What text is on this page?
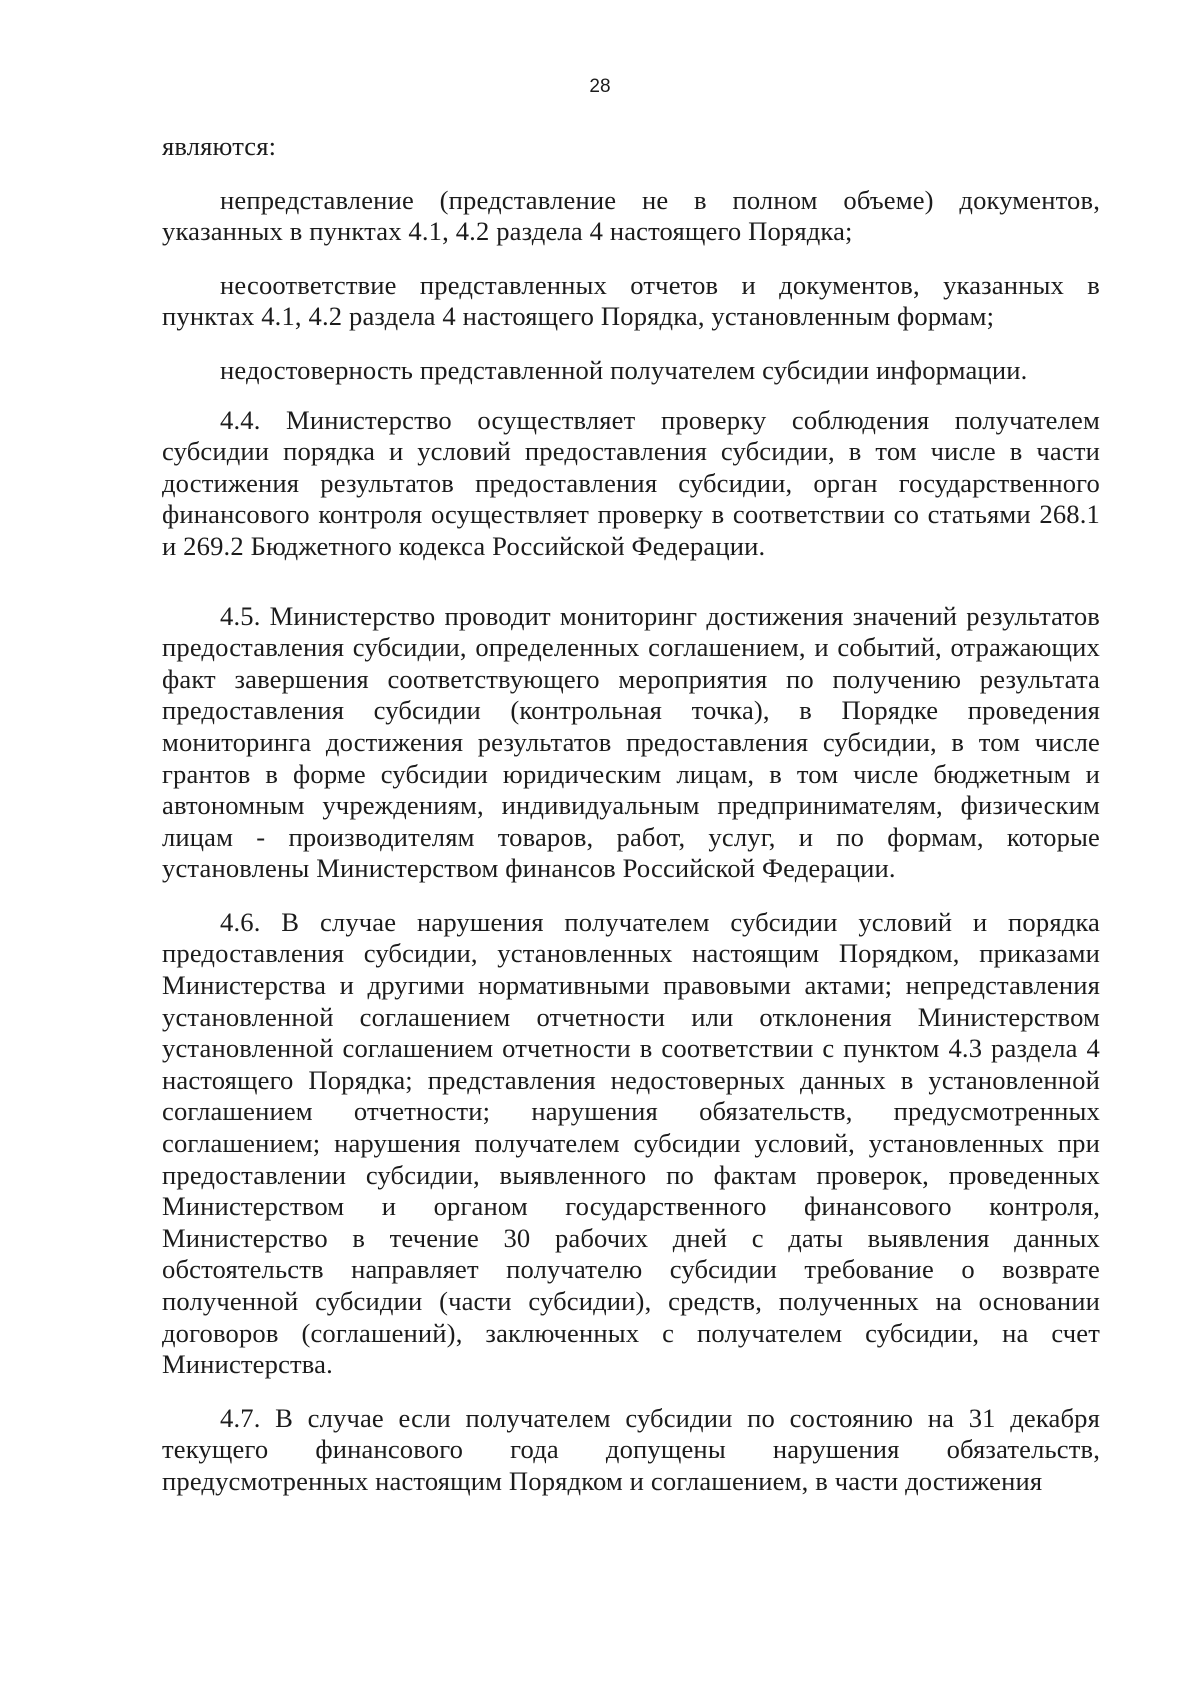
28

являются:

непредставление (представление не в полном объеме) документов, указанных в пунктах 4.1, 4.2 раздела 4 настоящего Порядка;

несоответствие представленных отчетов и документов, указанных в пунктах 4.1, 4.2 раздела 4 настоящего Порядка, установленным формам;

недостоверность представленной получателем субсидии информации.

4.4. Министерство осуществляет проверку соблюдения получателем субсидии порядка и условий предоставления субсидии, в том числе в части достижения результатов предоставления субсидии, орган государственного финансового контроля осуществляет проверку в соответствии со статьями 268.1 и 269.2 Бюджетного кодекса Российской Федерации.

4.5. Министерство проводит мониторинг достижения значений результатов предоставления субсидии, определенных соглашением, и событий, отражающих факт завершения соответствующего мероприятия по получению результата предоставления субсидии (контрольная точка), в Порядке проведения мониторинга достижения результатов предоставления субсидии, в том числе грантов в форме субсидии юридическим лицам, в том числе бюджетным и автономным учреждениям, индивидуальным предпринимателям, физическим лицам - производителям товаров, работ, услуг, и по формам, которые установлены Министерством финансов Российской Федерации.

4.6. В случае нарушения получателем субсидии условий и порядка предоставления субсидии, установленных настоящим Порядком, приказами Министерства и другими нормативными правовыми актами; непредставления установленной соглашением отчетности или отклонения Министерством установленной соглашением отчетности в соответствии с пунктом 4.3 раздела 4 настоящего Порядка; представления недостоверных данных в установленной соглашением отчетности; нарушения обязательств, предусмотренных соглашением; нарушения получателем субсидии условий, установленных при предоставлении субсидии, выявленного по фактам проверок, проведенных Министерством и органом государственного финансового контроля, Министерство в течение 30 рабочих дней с даты выявления данных обстоятельств направляет получателю субсидии требование о возврате полученной субсидии (части субсидии), средств, полученных на основании договоров (соглашений), заключенных с получателем субсидии, на счет Министерства.

4.7. В случае если получателем субсидии по состоянию на 31 декабря текущего финансового года допущены нарушения обязательств, предусмотренных настоящим Порядком и соглашением, в части достижения
